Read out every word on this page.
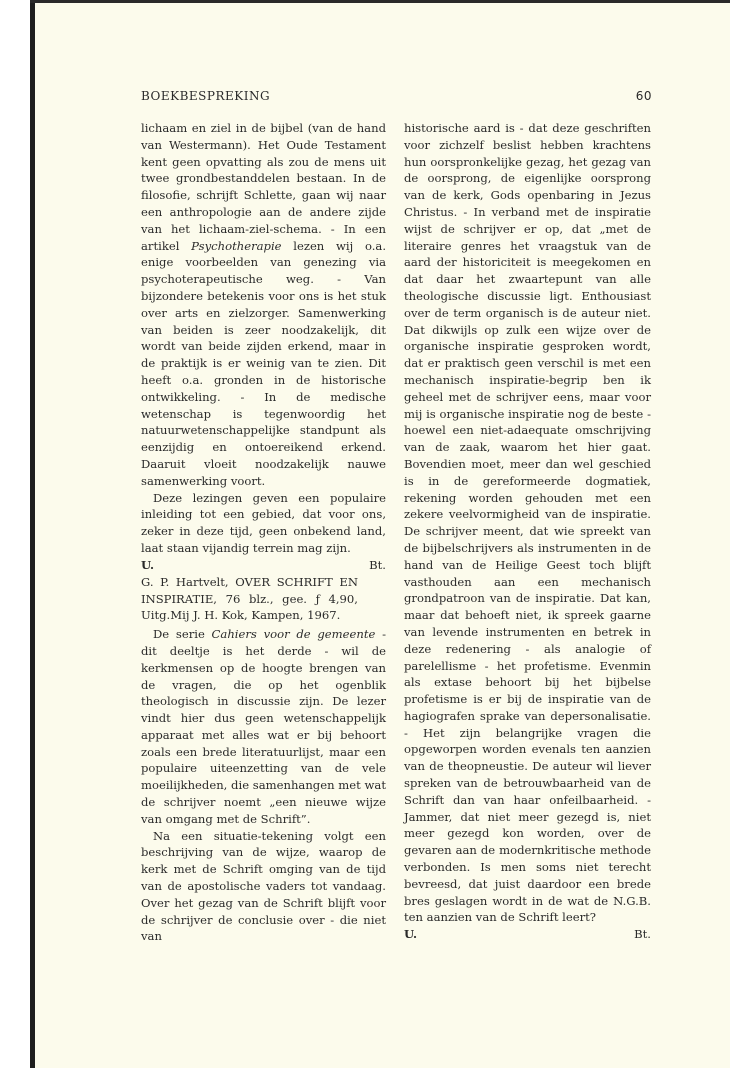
BOEKBESPREKING	60

lichaam en ziel in de bijbel (van de hand van Westermann). Het Oude Testament kent geen opvatting als zou de mens uit twee grondbestanddelen bestaan. In de filosofie, schrijft Schlette, gaan wij naar een anthropologie aan de andere zijde van het lichaam-ziel-schema. - In een artikel Psychotherapie lezen wij o.a. enige voorbeelden van genezing via psychoterapeutische weg. - Van bijzondere betekenis voor ons is het stuk over arts en zielzorger. Samenwerking van beiden is zeer noodzakelijk, dit wordt van beide zijden erkend, maar in de praktijk is er weinig van te zien. Dit heeft o.a. gronden in de historische ontwikkeling. - In de medische wetenschap is tegenwoordig het natuurwetenschappelijke standpunt als eenzijdig en ontoereikend erkend. Daaruit vloeit noodzakelijk nauwe samenwerking voort.

Deze lezingen geven een populaire inleiding tot een gebied, dat voor ons, zeker in deze tijd, geen onbekend land, laat staan vijandig terrein mag zijn.

U.	Bt.

G. P. Hartvelt, OVER SCHRIFT EN INSPIRATIE, 76 blz., gee. ƒ 4,90, Uitg.Mij J. H. Kok, Kampen, 1967.

De serie Cahiers voor de gemeente - dit deeltje is het derde - wil de kerkmensen op de hoogte brengen van de vragen, die op het ogenblik theologisch in discussie zijn. De lezer vindt hier dus geen wetenschappelijk apparaat met alles wat er bij behoort zoals een brede literatuurlijst, maar een populaire uiteenzetting van de vele moeilijkheden, die samenhangen met wat de schrijver noemt „een nieuwe wijze van omgang met de Schrift”.

Na een situatie-tekening volgt een beschrijving van de wijze, waarop de kerk met de Schrift omging van de tijd van de apostolische vaders tot vandaag. Over het gezag van de Schrift blijft voor de schrijver de conclusie over - die niet van

historische aard is - dat deze geschriften voor zichzelf beslist hebben krachtens hun oorspronkelijke gezag, het gezag van de oorsprong, de eigenlijke oorsprong van de kerk, Gods openbaring in Jezus Christus. - In verband met de inspiratie wijst de schrijver er op, dat „met de literaire genres het vraagstuk van de aard der historiciteit is meegekomen en dat daar het zwaartepunt van alle theologische discussie ligt. Enthousiast over de term organisch is de auteur niet. Dat dikwijls op zulk een wijze over de organische inspiratie gesproken wordt, dat er praktisch geen verschil is met een mechanisch inspiratie-begrip ben ik geheel met de schrijver eens, maar voor mij is organische inspiratie nog de beste - hoewel een niet-adaequate omschrijving van de zaak, waarom het hier gaat. Bovendien moet, meer dan wel geschied is in de gereformeerde dogmatiek, rekening worden gehouden met een zekere veelvormigheid van de inspiratie. De schrijver meent, dat wie spreekt van de bijbelschrijvers als instrumenten in de hand van de Heilige Geest toch blijft vasthouden aan een mechanisch grondpatroon van de inspiratie. Dat kan, maar dat behoeft niet, ik spreek gaarne van levende instrumenten en betrek in deze redenering - als analogie of parelellisme - het profetisme. Evenmin als extase behoort bij het bijbelse profetisme is er bij de inspiratie van de hagiografen sprake van depersonalisatie. - Het zijn belangrijke vragen die opgeworpen worden evenals ten aanzien van de theopneustie. De auteur wil liever spreken van de betrouwbaarheid van de Schrift dan van haar onfeilbaarheid. - Jammer, dat niet meer gezegd is, niet meer gezegd kon worden, over de gevaren aan de modernkritische methode verbonden. Is men soms niet terecht bevreesd, dat juist daardoor een brede bres geslagen wordt in de wat de N.G.B. ten aanzien van de Schrift leert?

U.	Bt.
